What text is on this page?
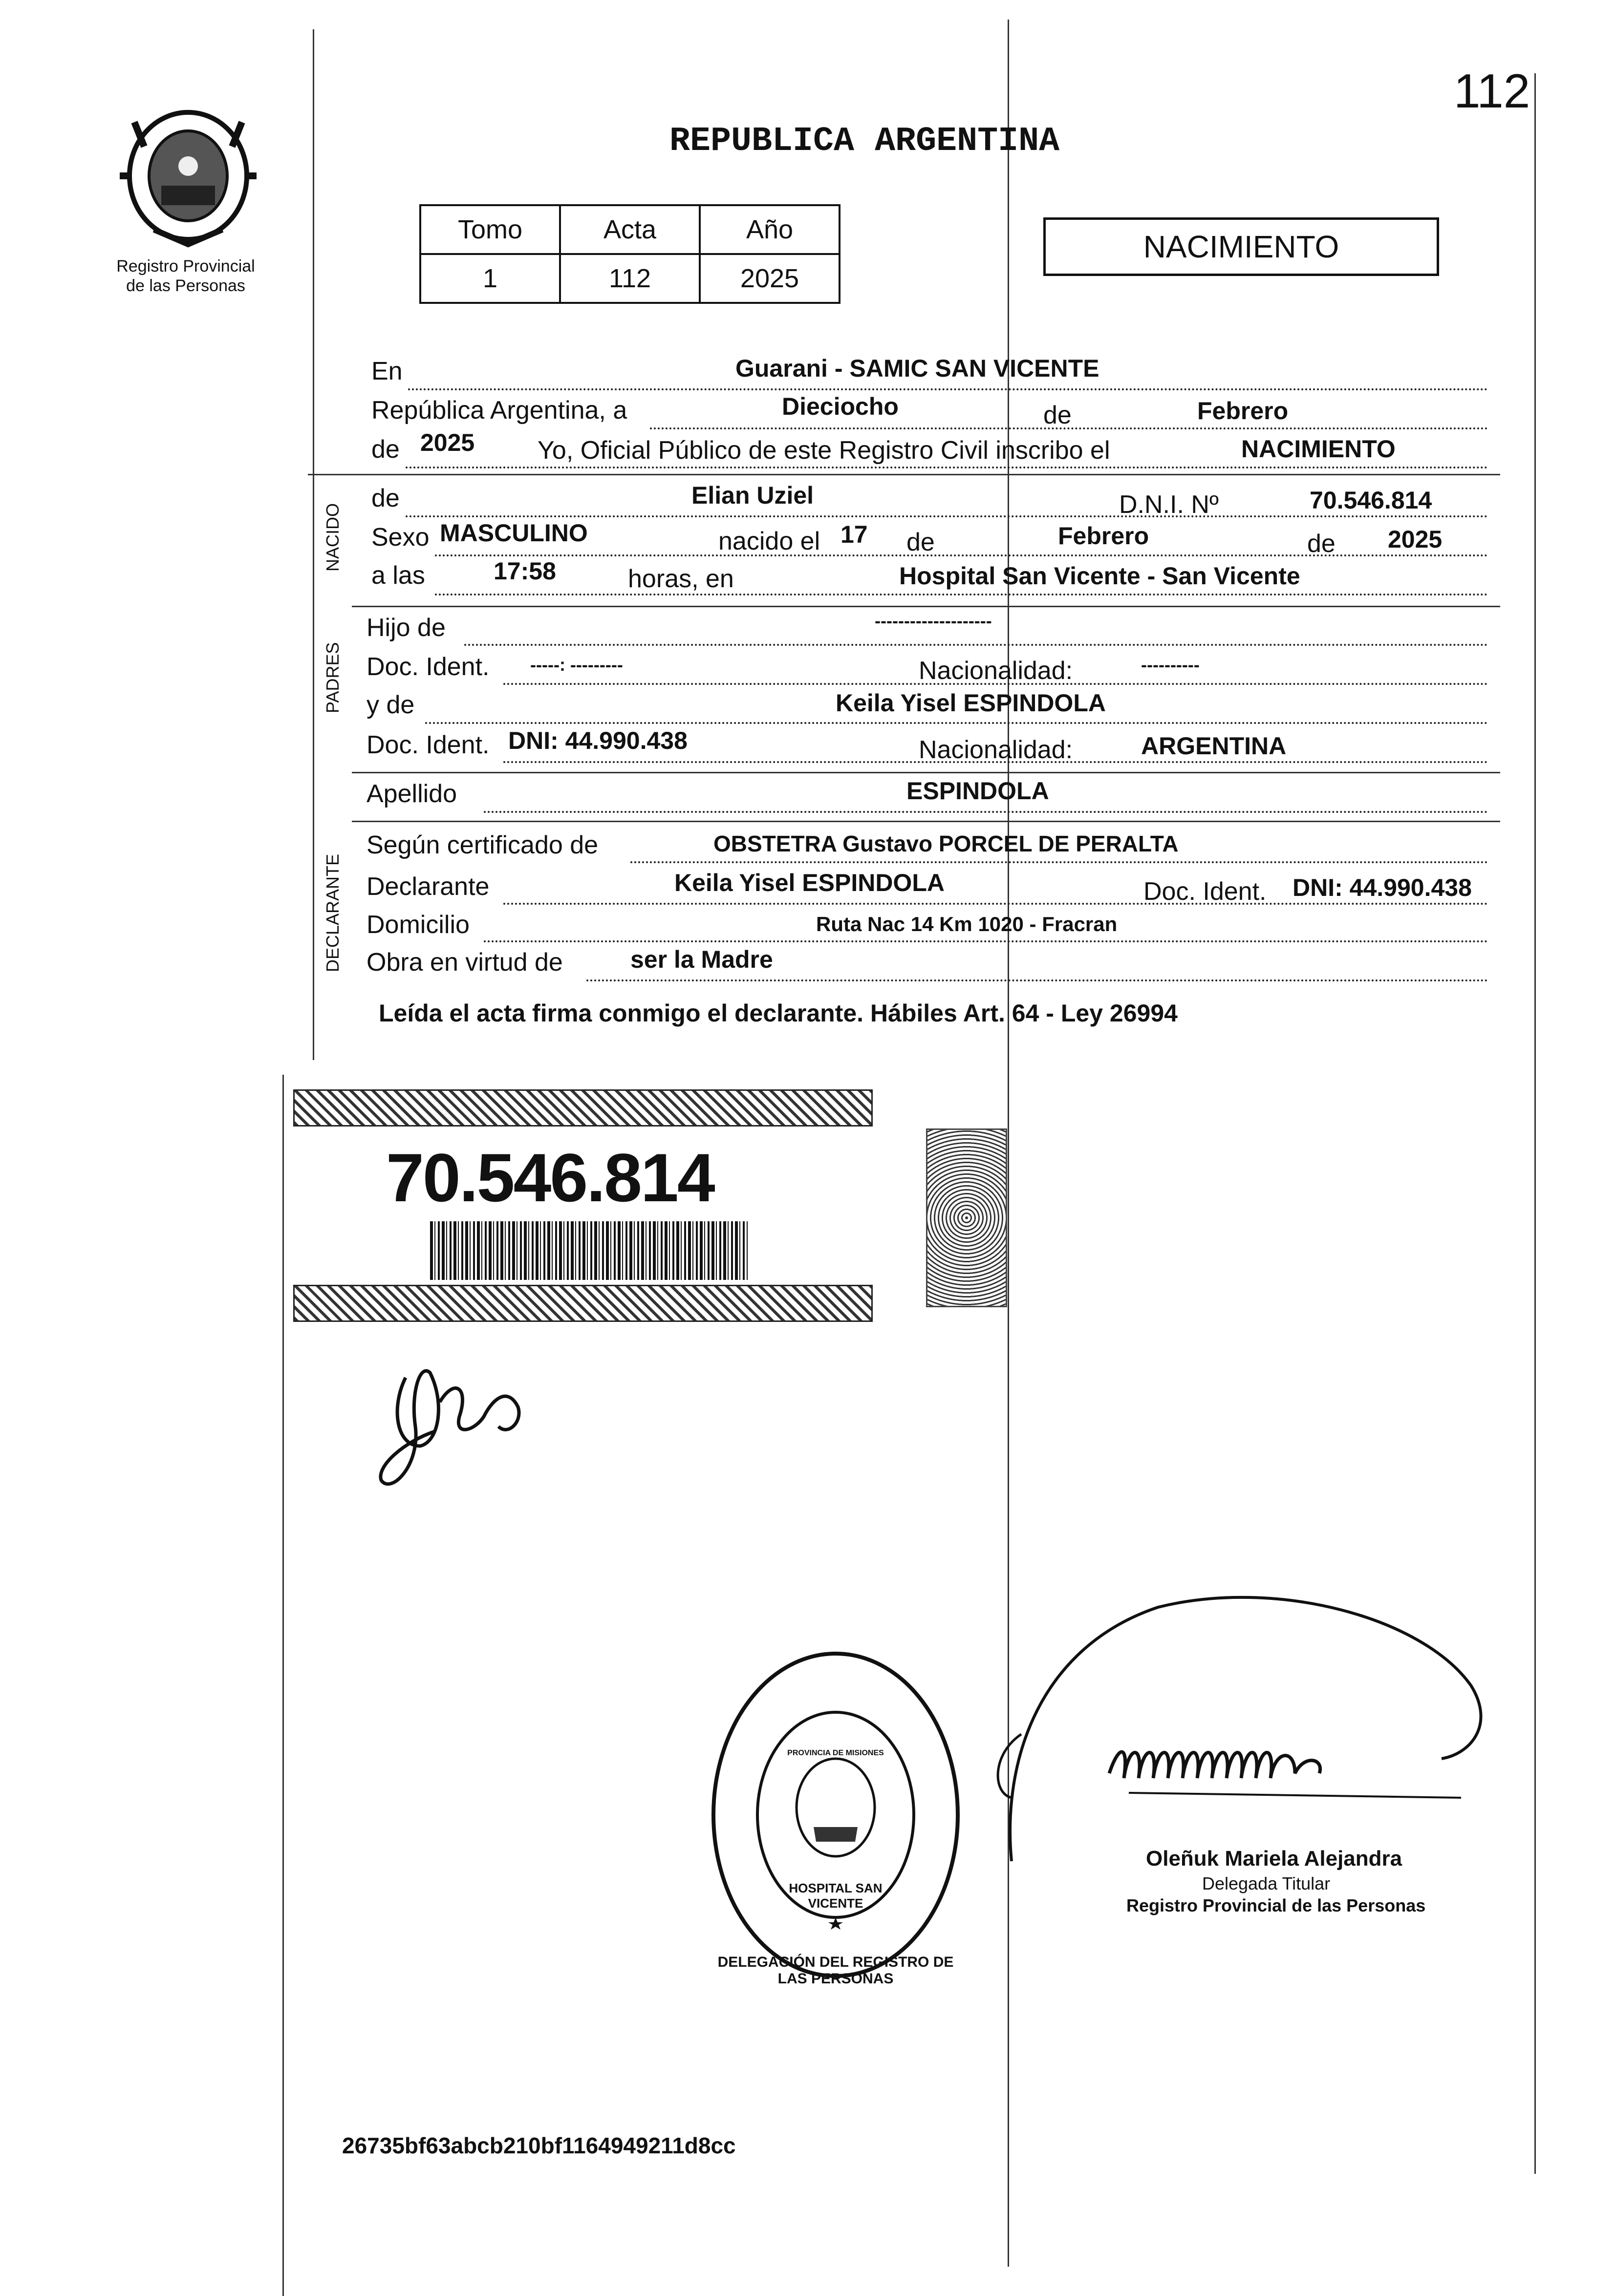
112
Registro Provincial
de las Personas
REPUBLICA ARGENTINA
Tomo	Acta	Año
1	112	2025
NACIMIENTO
En	Guarani - SAMIC SAN VICENTE
República Argentina, a	Dieciocho	de	Febrero
de 2025 Yo, Oficial Público de este Registro Civil inscribo el	NACIMIENTO
NACIDO
de	Elian Uziel	D.N.I. Nº	70.546.814
Sexo MASCULINO	nacido el 17 de	Febrero	de 2025
a las	17:58	horas, en	Hospital San Vicente - San Vicente
PADRES
Hijo de	--------------------
Doc. Ident. -----: ---------	Nacionalidad:	----------
y de	Keila Yisel ESPINDOLA
Doc. Ident. DNI: 44.990.438	Nacionalidad:	ARGENTINA
Apellido	ESPINDOLA
DECLARANTE
Según certificado de	OBSTETRA Gustavo PORCEL DE PERALTA
Declarante	Keila Yisel ESPINDOLA	Doc. Ident. DNI: 44.990.438
Domicilio	Ruta Nac 14 Km 1020 - Fracran
Obra en virtud de	ser la Madre
Leída el acta firma conmigo el declarante. Hábiles Art. 64 - Ley 26994
70.546.814
DELEGACIÓN DEL REGISTRO DE LAS PERSONAS
HOSPITAL SAN VICENTE
PROVINCIA DE MISIONES
Oleñuk Mariela Alejandra
Delegada Titular
Registro Provincial de las Personas
26735bf63abcb210bf1164949211d8cc
